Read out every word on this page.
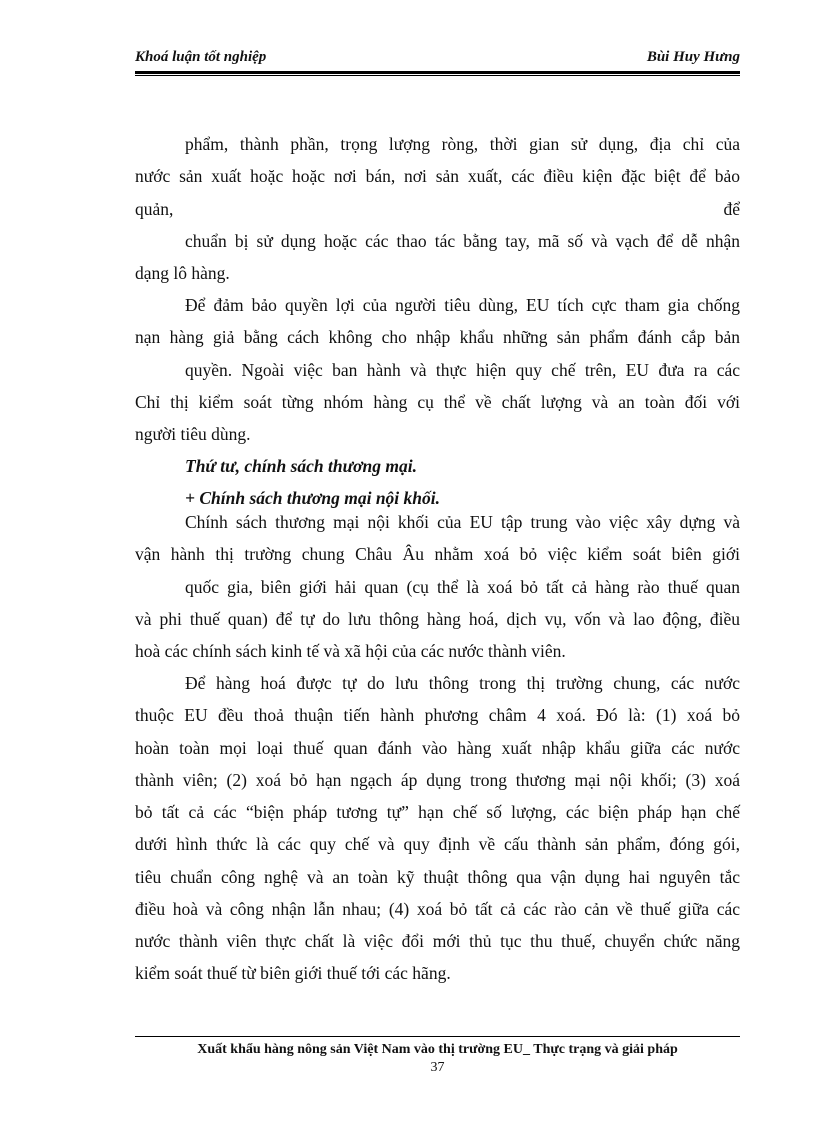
Khoá luận tốt nghiệp	Bùi Huy Hưng
phẩm, thành phần, trọng lượng ròng, thời gian sử dụng, địa chỉ của
nước sản xuất hoặc hoặc nơi bán, nơi sản xuất, các điều kiện đặc biệt để bảo
quản,	để
chuẩn bị sử dụng hoặc các thao tác bằng tay, mã số và vạch để dễ nhận
dạng lô hàng.
Để đảm bảo quyền lợi của người tiêu dùng, EU tích cực tham gia chống
nạn hàng giả bằng cách không cho nhập khẩu những sản phẩm đánh cắp bản
quyền. Ngoài việc ban hành và thực hiện quy chế trên, EU đưa ra các
Chỉ thị kiểm soát từng nhóm hàng cụ thể về chất lượng và an toàn đối với
người tiêu dùng.
Thứ tư, chính sách thương mại.
+ Chính sách thương mại nội khối.
Chính sách thương mại nội khối của EU tập trung vào việc xây dựng và
vận hành thị trường chung Châu Âu nhằm xoá bỏ việc kiểm soát biên giới
quốc gia, biên giới hải quan (cụ thể là xoá bỏ tất cả hàng rào thuế quan
và phi thuế quan) để tự do lưu thông hàng hoá, dịch vụ, vốn và lao động, điều
hoà các chính sách kinh tế và xã hội của các nước thành viên.
Để hàng hoá được tự do lưu thông trong thị trường chung, các nước
thuộc EU đều thoả thuận tiến hành phương châm 4 xoá. Đó là: (1) xoá bỏ
hoàn toàn mọi loại thuế quan đánh vào hàng xuất nhập khẩu giữa các nước
thành viên; (2) xoá bỏ hạn ngạch áp dụng trong thương mại nội khối; (3) xoá
bỏ tất cả các “biện pháp tương tự” hạn chế số lượng, các biện pháp hạn chế
dưới hình thức là các quy chế và quy định về cấu thành sản phẩm, đóng gói,
tiêu chuẩn công nghệ và an toàn kỹ thuật thông qua vận dụng hai nguyên tắc
điều hoà và công nhận lẫn nhau; (4) xoá bỏ tất cả các rào cản về thuế giữa các
nước thành viên thực chất là việc đổi mới thủ tục thu thuế, chuyển chức năng
kiểm soát thuế từ biên giới thuế tới các hãng.
Xuất khẩu hàng nông sản Việt Nam vào thị trường EU_ Thực trạng và giải pháp
37
